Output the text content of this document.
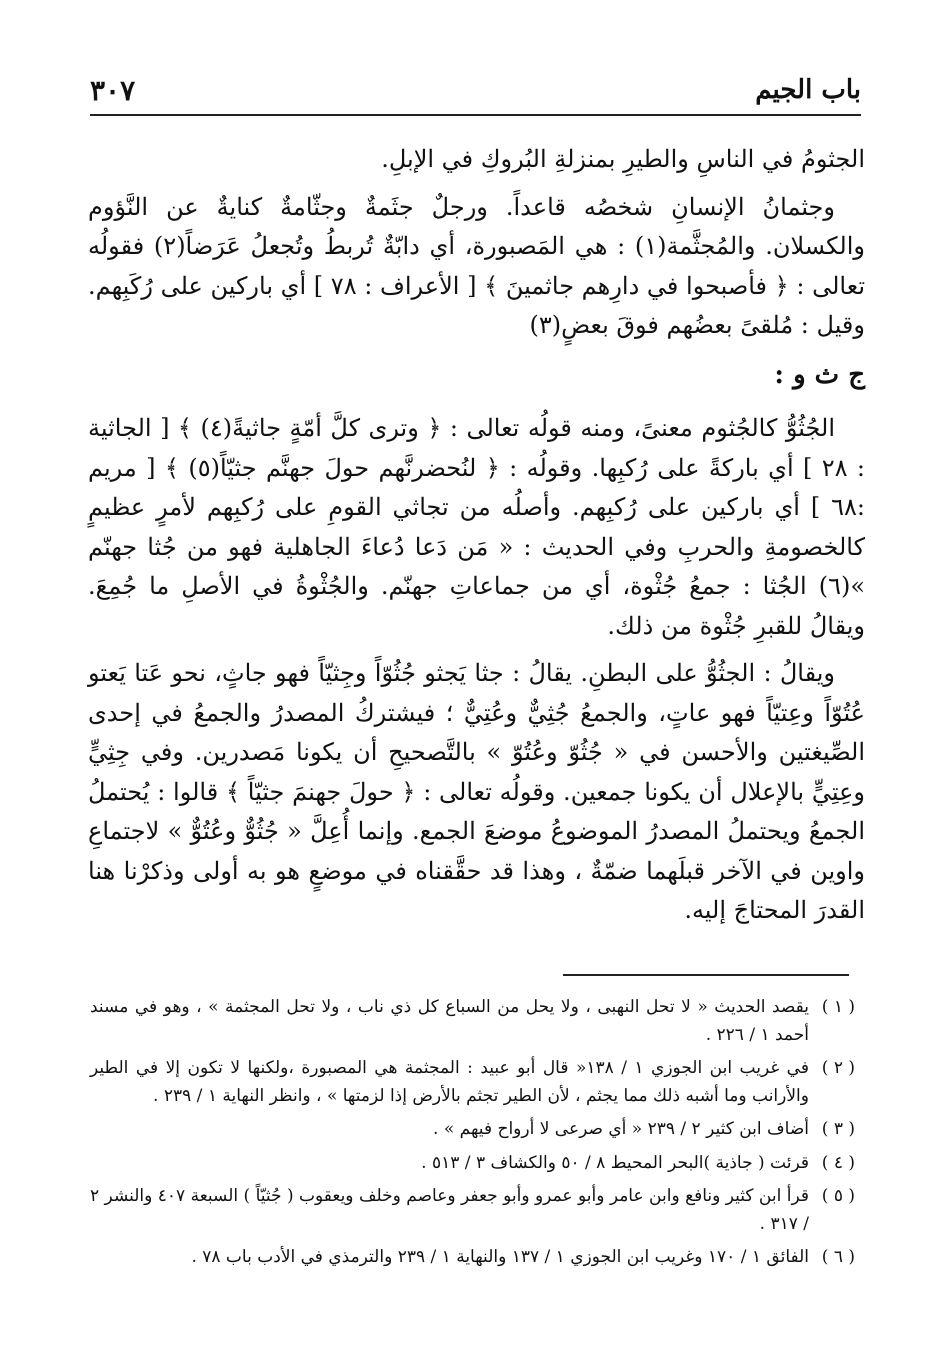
باب الجيم
٣٠٧

الجثومُ في الناسِ والطيرِ بمنزلةِ البُروكِ في الإبلِ.

وجثمانُ الإنسانِ شخصُه قاعداً. ورجلٌ جثَمةٌ وجثّامةٌ كنايةٌ عن النَّؤوم والكسلان. والمُجثَّمة(١) : هي المَصبورة، أي دابّةٌ تُربطُ وتُجعلُ عَرَضاً(٢) فقولُه تعالى : ﴿ فأصبحوا في دارِهم جاثمينَ ﴾ [ الأعراف : ٧٨ ] أي باركين على رُكَبِهم. وقيل : مُلقىً بعضُهم فوقَ بعضٍ(٣)

ج ث و :

الجُثُوُّ كالجُثوم معنىً، ومنه قولُه تعالى : ﴿ وترى كلَّ أمّةٍ جاثيةً(٤) ﴾ [ الجاثية : ٢٨ ] أي باركةً على رُكبِها. وقولُه : ﴿ لنُحضرنَّهم حولَ جهنَّم جثيّاً(٥) ﴾ [ مريم :٦٨ ] أي باركين على رُكبِهم. وأصلُه من تجاثي القومِ على رُكبِهم لأمرٍ عظيمٍ كالخصومةِ والحربِ وفي الحديث : « مَن دَعا دُعاءَ الجاهلية فهو من جُثا جهنّم »(٦) الجُثا : جمعُ جُثْوة، أي من جماعاتِ جهنّم. والجُثْوةُ في الأصلِ ما جُمِعَ. ويقالُ للقبرِ جُثْوة من ذلك.

ويقالُ : الجثُوُّ على البطنِ. يقالُ : جثا يَجثو جُثُوّاً وجِثيّاً فهو جاثٍ، نحو عَتا يَعتو عُتُوّاً وعِتيّاً فهو عاتٍ، والجمعُ جُثِيٌّ وعُتِيٌّ ؛ فيشتركُ المصدرُ والجمعُ في إحدى الصِّيغتين والأحسن في « جُثُوّ وعُتُوّ » بالتَّصحيحِ أن يكونا مَصدرين. وفي جِثِيٍّ وعِتِيٍّ بالإعلال أن يكونا جمعين. وقولُه تعالى : ﴿ حولَ جهنمَ جثيّاً ﴾ قالوا : يُحتملُ الجمعُ ويحتملُ المصدرُ الموضوعُ موضعَ الجمع. وإنما أُعِلَّ « جُثُوٌّ وعُتُوٌّ » لاجتماعِ واوين في الآخر قبلَهما ضمّةٌ ، وهذا قد حقَّقناه في موضعٍ هو به أولى وذكرْنا هنا القدرَ المحتاجَ إليه.

( ١ )
يقصد الحديث « لا تحل النهبى ، ولا يحل من السباع كل ذي ناب ، ولا تحل المجثمة » ، وهو في مسند أحمد ١ / ٢٢٦ .
( ٢ )
في غريب ابن الجوزي ١ / ١٣٨« قال أبو عبيد : المجثمة هي المصبورة ،ولكنها لا تكون إلا في الطير والأرانب وما أشبه ذلك مما يجثم ، لأن الطير تجثم بالأرض إذا لزمتها » ، وانظر النهاية ١ / ٢٣٩ .
( ٣ )
أضاف ابن كثير ٢ / ٢٣٩ « أي صرعى لا أرواح فيهم » .
( ٤ )
قرئت ( جاذية )البحر المحيط ٨ / ٥٠ والكشاف ٣ / ٥١٣ .
( ٥ )
قرأ ابن كثير ونافع وابن عامر وأبو عمرو وأبو جعفر وعاصم وخلف ويعقوب ( جُثيّاً ) السبعة ٤٠٧ والنشر ٢ / ٣١٧ .
( ٦ )
الفائق ١ / ١٧٠ وغريب ابن الجوزي ١ / ١٣٧ والنهاية ١ / ٢٣٩ والترمذي في الأدب باب ٧٨ .
